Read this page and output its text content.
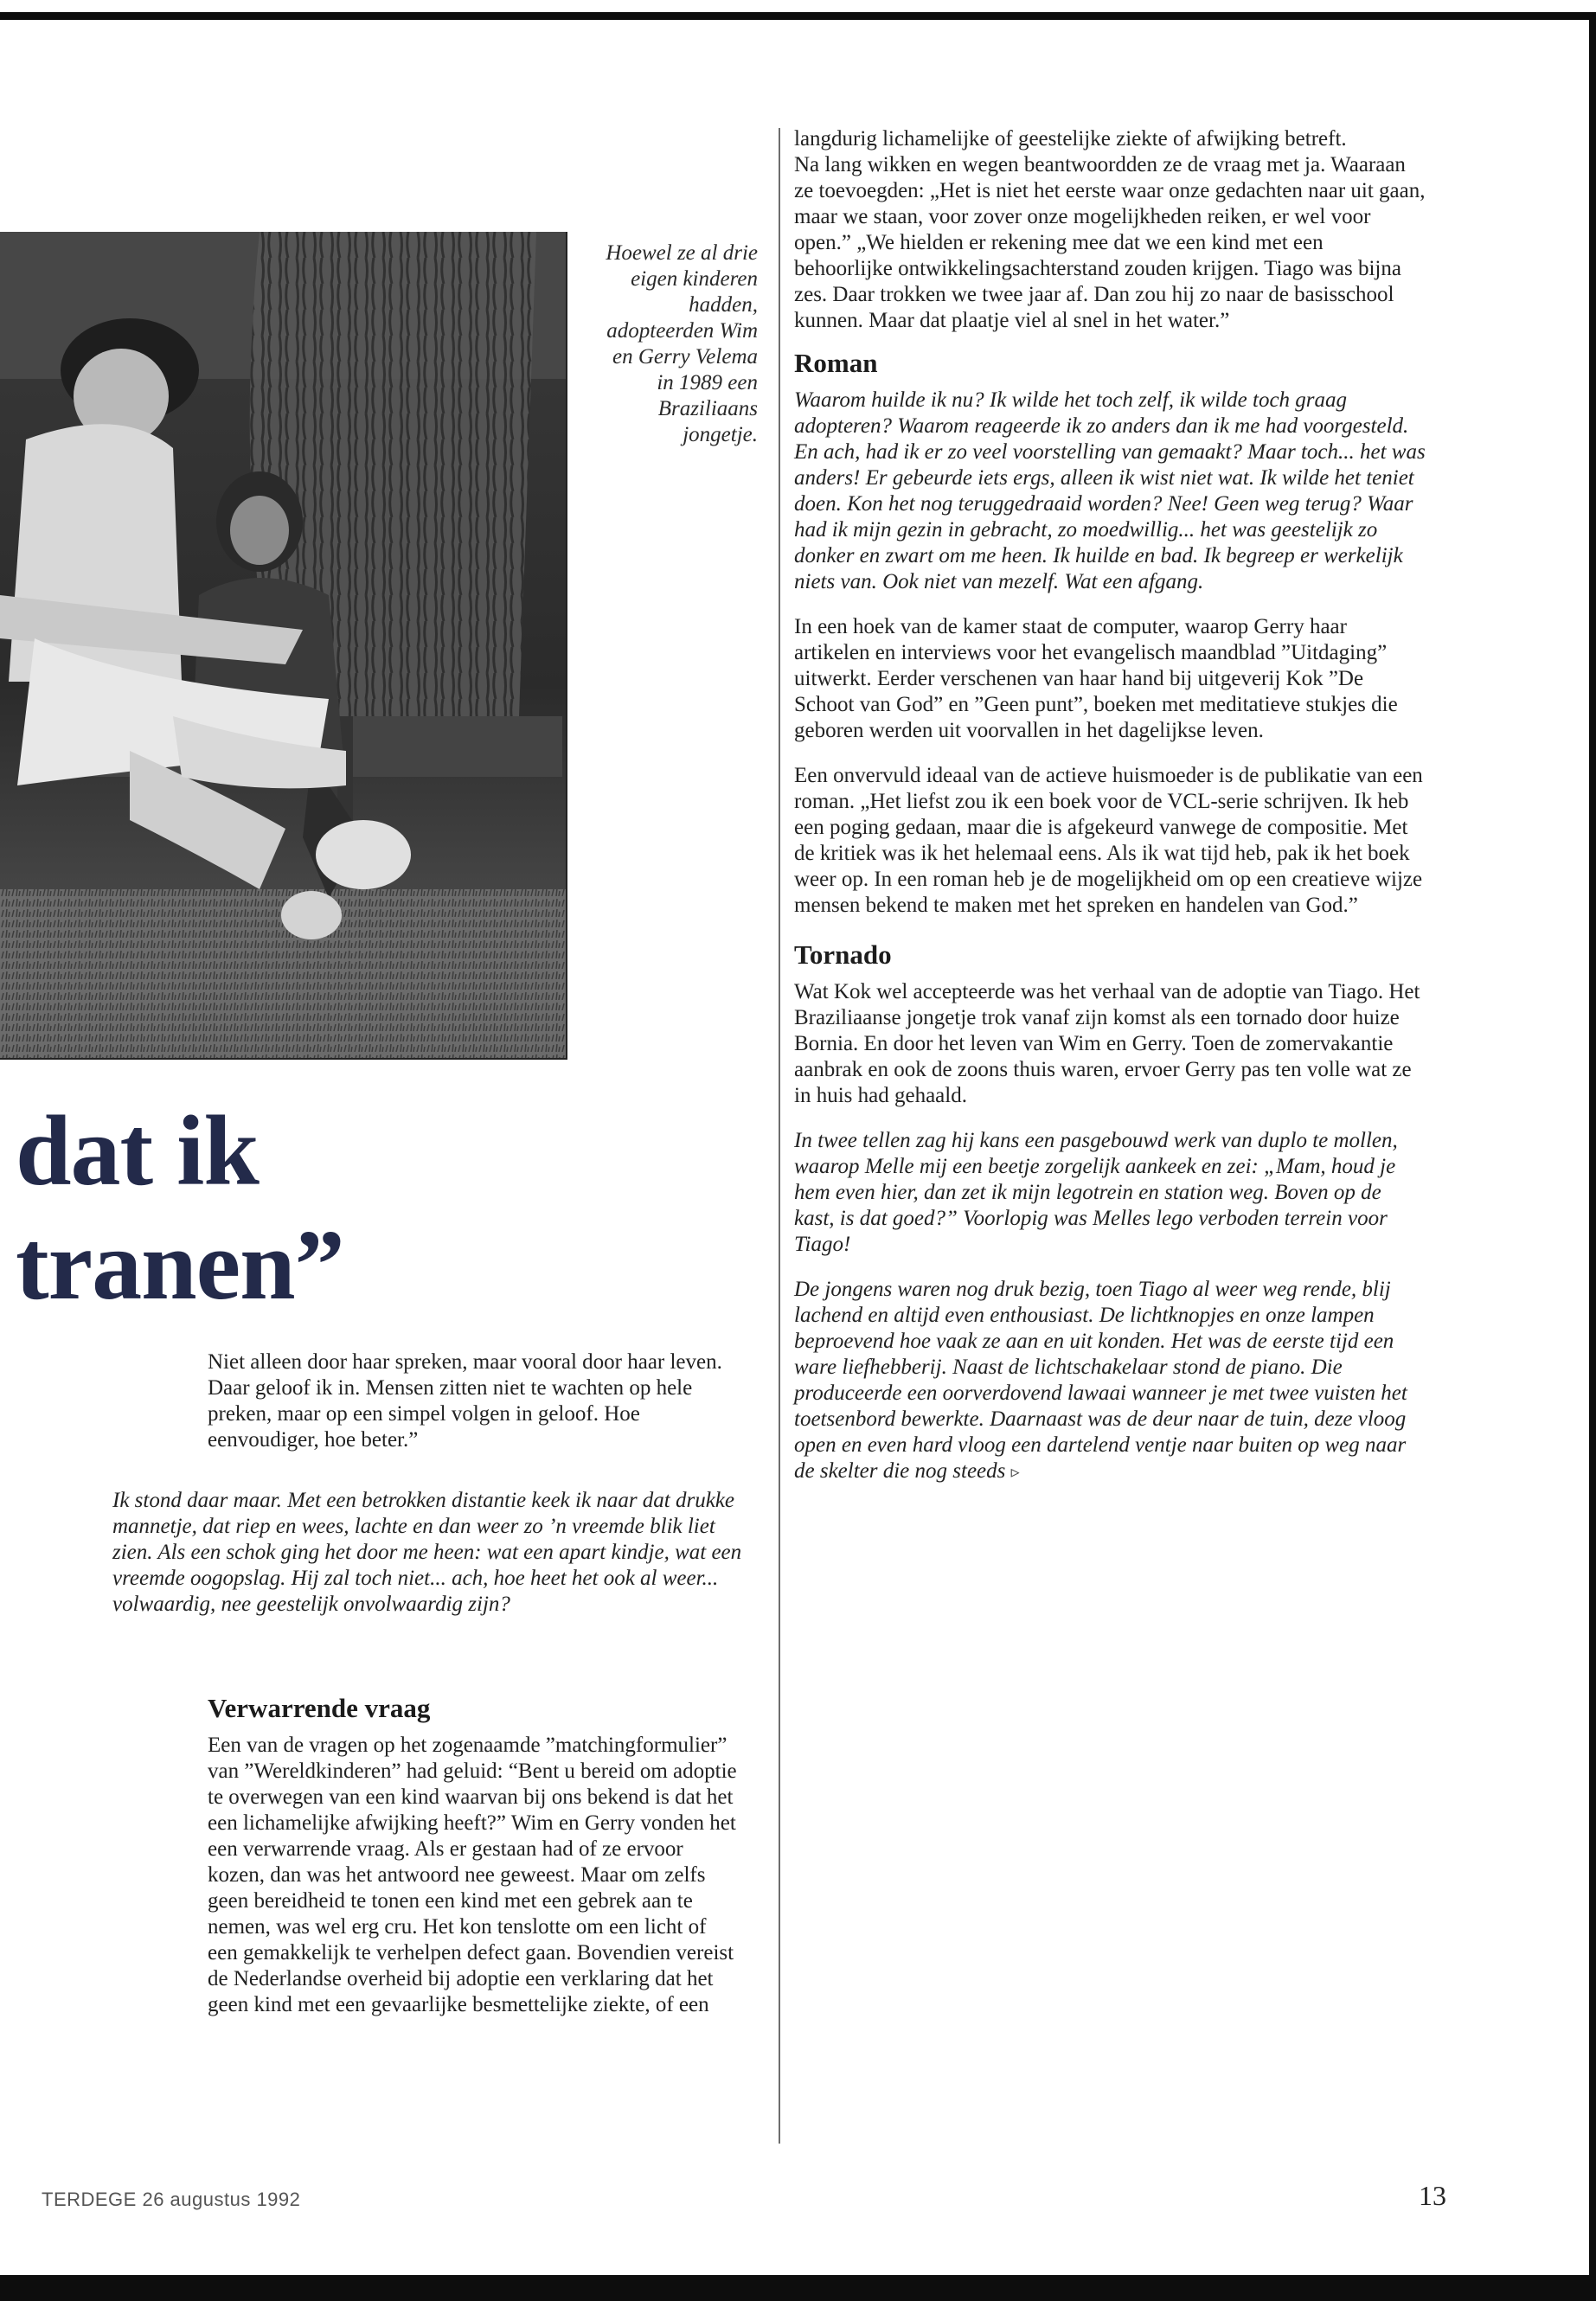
Hoewel ze al drie eigen kinderen hadden, adopteerden Wim en Gerry Velema in 1989 een Braziliaans jongetje.

dat ik
tranen”

Niet alleen door haar spreken, maar vooral door haar leven. Daar geloof ik in. Mensen zitten niet te wachten op hele preken, maar op een simpel volgen in geloof. Hoe eenvoudiger, hoe beter.”

Ik stond daar maar. Met een betrokken distantie keek ik naar dat drukke mannetje, dat riep en wees, lachte en dan weer zo ’n vreemde blik liet zien. Als een schok ging het door me heen: wat een apart kindje, wat een vreemde oogopslag. Hij zal toch niet... ach, hoe heet het ook al weer... volwaardig, nee geestelijk onvolwaardig zijn?

Verwarrende vraag

Een van de vragen op het zogenaamde ”matchingformulier” van ”Wereldkinderen” had geluid: “Bent u bereid om adoptie te overwegen van een kind waarvan bij ons bekend is dat het een lichamelijke afwijking heeft?” Wim en Gerry vonden het een verwarrende vraag. Als er gestaan had of ze ervoor kozen, dan was het antwoord nee geweest. Maar om zelfs geen bereidheid te tonen een kind met een gebrek aan te nemen, was wel erg cru. Het kon tenslotte om een licht of een gemakkelijk te verhelpen defect gaan. Bovendien vereist de Nederlandse overheid bij adoptie een verklaring dat het geen kind met een gevaarlijke besmettelijke ziekte, of een

langdurig lichamelijke of geestelijke ziekte of afwijking betreft.

Na lang wikken en wegen beantwoordden ze de vraag met ja. Waaraan ze toevoegden: „Het is niet het eerste waar onze gedachten naar uit gaan, maar we staan, voor zover onze mogelijkheden reiken, er wel voor open.” „We hielden er rekening mee dat we een kind met een behoorlijke ontwikkelingsachterstand zouden krijgen. Tiago was bijna zes. Daar trokken we twee jaar af. Dan zou hij zo naar de basisschool kunnen. Maar dat plaatje viel al snel in het water.”

Roman

Waarom huilde ik nu? Ik wilde het toch zelf, ik wilde toch graag adopteren? Waarom reageerde ik zo anders dan ik me had voorgesteld. En ach, had ik er zo veel voorstelling van gemaakt? Maar toch... het was anders! Er gebeurde iets ergs, alleen ik wist niet wat. Ik wilde het teniet doen. Kon het nog teruggedraaid worden? Nee! Geen weg terug? Waar had ik mijn gezin in gebracht, zo moedwillig... het was geestelijk zo donker en zwart om me heen. Ik huilde en bad. Ik begreep er werkelijk niets van. Ook niet van mezelf. Wat een afgang.

In een hoek van de kamer staat de computer, waarop Gerry haar artikelen en interviews voor het evangelisch maandblad ”Uitdaging” uitwerkt. Eerder verschenen van haar hand bij uitgeverij Kok ”De Schoot van God” en ”Geen punt”, boeken met meditatieve stukjes die geboren werden uit voorvallen in het dagelijkse leven.

Een onvervuld ideaal van de actieve huismoeder is de publikatie van een roman. „Het liefst zou ik een boek voor de VCL-serie schrijven. Ik heb een poging gedaan, maar die is afgekeurd vanwege de compositie. Met de kritiek was ik het helemaal eens. Als ik wat tijd heb, pak ik het boek weer op. In een roman heb je de mogelijkheid om op een creatieve wijze mensen bekend te maken met het spreken en handelen van God.”

Tornado

Wat Kok wel accepteerde was het verhaal van de adoptie van Tiago. Het Braziliaanse jongetje trok vanaf zijn komst als een tornado door huize Bornia. En door het leven van Wim en Gerry. Toen de zomervakantie aanbrak en ook de zoons thuis waren, ervoer Gerry pas ten volle wat ze in huis had gehaald.

In twee tellen zag hij kans een pasgebouwd werk van duplo te mollen, waarop Melle mij een beetje zorgelijk aankeek en zei: „Mam, houd je hem even hier, dan zet ik mijn legotrein en station weg. Boven op de kast, is dat goed?” Voorlopig was Melles lego verboden terrein voor Tiago!

De jongens waren nog druk bezig, toen Tiago al weer weg rende, blij lachend en altijd even enthousiast. De lichtknopjes en onze lampen beproevend hoe vaak ze aan en uit konden. Het was de eerste tijd een ware liefhebberij. Naast de lichtschakelaar stond de piano. Die produceerde een oorverdovend lawaai wanneer je met twee vuisten het toetsenbord bewerkte. Daarnaast was de deur naar de tuin, deze vloog open en even hard vloog een dartelend ventje naar buiten op weg naar de skelter die nog steeds ▹

TERDEGE 26 augustus 1992	13
